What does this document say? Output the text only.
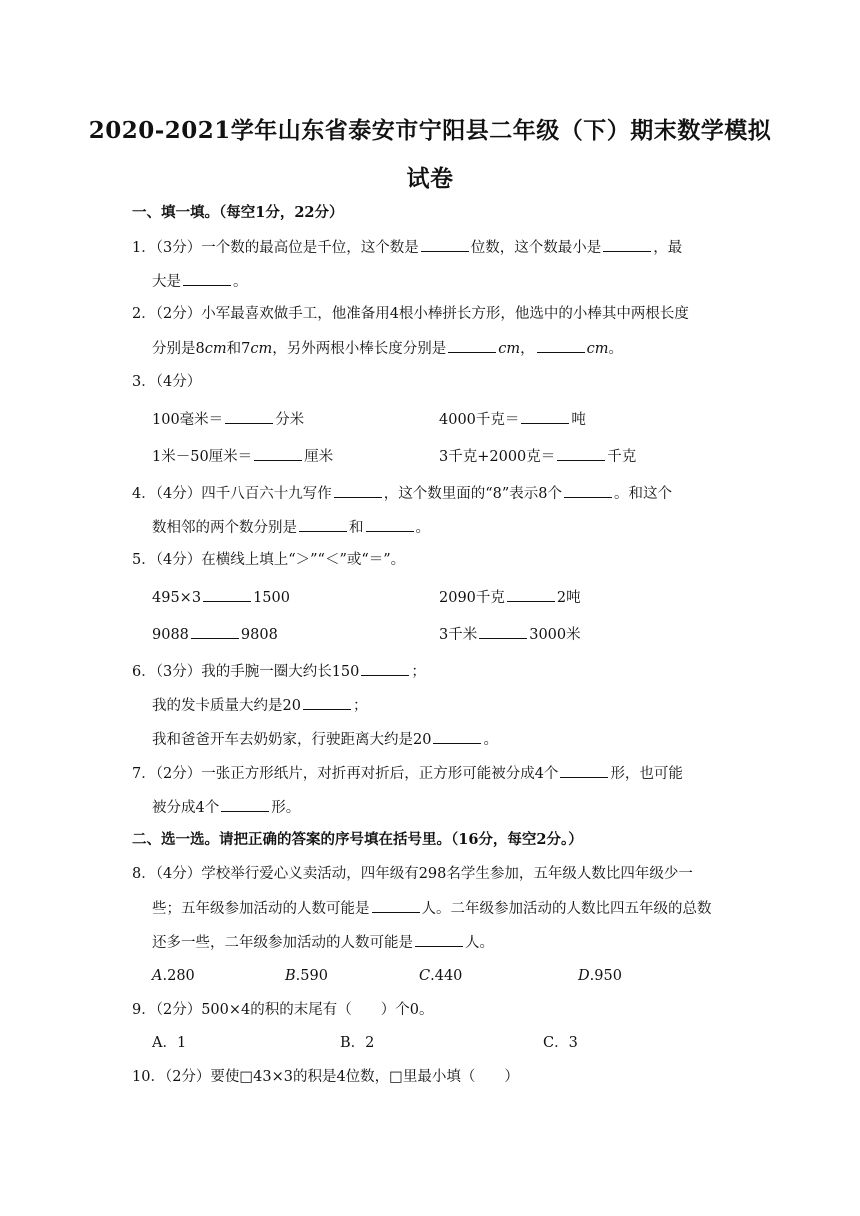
2020-2021学年山东省泰安市宁阳县二年级（下）期末数学模拟
试卷
一、填一填。（每空1分，22分）
1．（3分）一个数的最高位是千位，这个数是	位数，这个数最小是	，最
大是	。
2．（2分）小军最喜欢做手工，他准备用4根小棒拼长方形，他选中的小棒其中两根长度
分别是8cm和7cm，另外两根小棒长度分别是	cm，	cm。
3．（4分）
100毫米＝	分米	4000千克＝	吨
1米－50厘米＝	厘米	3千克+2000克＝	千克
4．（4分）四千八百六十九写作	，这个数里面的“8”表示8个	。和这个
数相邻的两个数分别是	和	。
5．（4分）在横线上填上“＞”“＜”或“＝”。
495×3	1500	2090千克	2吨
9088	9808	3千米	3000米
6．（3分）我的手腕一圈大约长150	；
我的发卡质量大约是20	；
我和爸爸开车去奶奶家，行驶距离大约是20	。
7．（2分）一张正方形纸片，对折再对折后，正方形可能被分成4个	形，也可能
被分成4个	形。
二、选一选。请把正确的答案的序号填在括号里。（16分，每空2分。）
8．（4分）学校举行爱心义卖活动，四年级有298名学生参加，五年级人数比四年级少一
些；五年级参加活动的人数可能是	人。二年级参加活动的人数比四五年级的总数
还多一些，二年级参加活动的人数可能是	人。
A.280	B.590	C.440	D.950
9．（2分）500×4的积的末尾有（　　）个0。
A．1	B．2	C．3
10．（2分）要使□43×3的积是4位数，□里最小填（　　）
